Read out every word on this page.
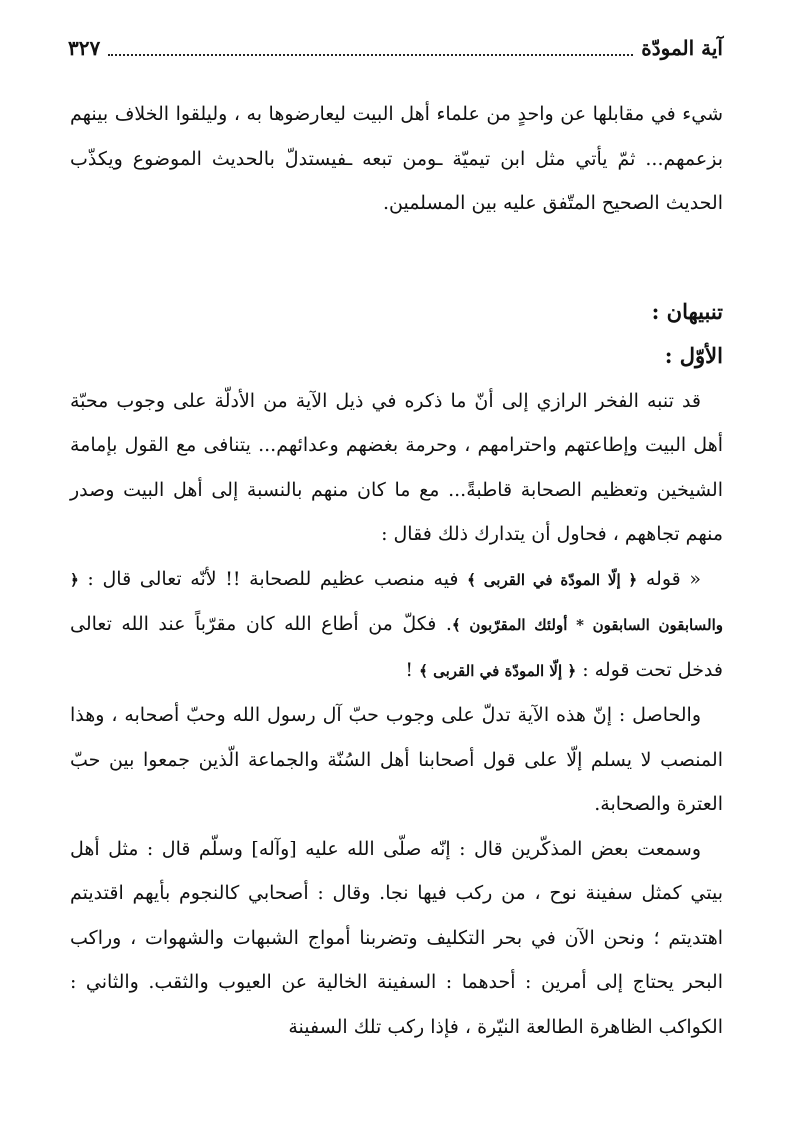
آية المودّة
٣٢٧

شيء في مقابلها عن واحدٍ من علماء أهل البيت ليعارضوها به ، وليلقوا الخلاف بينهم بزعمهم... ثمّ يأتي مثل ابن تيميّة ـومن تبعه ـفيستدلّ بالحديث الموضوع ويكذّب الحديث الصحيح المتّفق عليه بين المسلمين.

تنبيهان :

الأوّل :

قد تنبه الفخر الرازي إلى أنّ ما ذكره في ذيل الآية من الأدلّة على وجوب محبّة أهل البيت وإطاعتهم واحترامهم ، وحرمة بغضهم وعدائهم... يتنافى مع القول بإمامة الشيخين وتعظيم الصحابة قاطبةً... مع ما كان منهم بالنسبة إلى أهل البيت وصدر منهم تجاههم ، فحاول أن يتدارك ذلك فقال :

« قوله ﴿ إلّا المودّة في القربى ﴾ فيه منصب عظيم للصحابة !! لأنّه تعالى قال : ﴿ والسابقون السابقون * أولئك المقرّبون ﴾. فكلّ من أطاع الله كان مقرّباً عند الله تعالى فدخل تحت قوله : ﴿ إلّا المودّة في القربى ﴾ !

والحاصل : إنّ هذه الآية تدلّ على وجوب حبّ آل رسول الله وحبّ أصحابه ، وهذا المنصب لا يسلم إلّا على قول أصحابنا أهل السُنّة والجماعة الّذين جمعوا بين حبّ العترة والصحابة.

وسمعت بعض المذكّرين قال : إنّه صلّى الله عليه [وآله] وسلّم قال : مثل أهل بيتي كمثل سفينة نوح ، من ركب فيها نجا. وقال : أصحابي كالنجوم بأيهم اقتديتم اهتديتم ؛ ونحن الآن في بحر التكليف وتضربنا أمواج الشبهات والشهوات ، وراكب البحر يحتاج إلى أمرين : أحدهما : السفينة الخالية عن العيوب والثقب. والثاني : الكواكب الظاهرة الطالعة النيّرة ، فإذا ركب تلك السفينة
